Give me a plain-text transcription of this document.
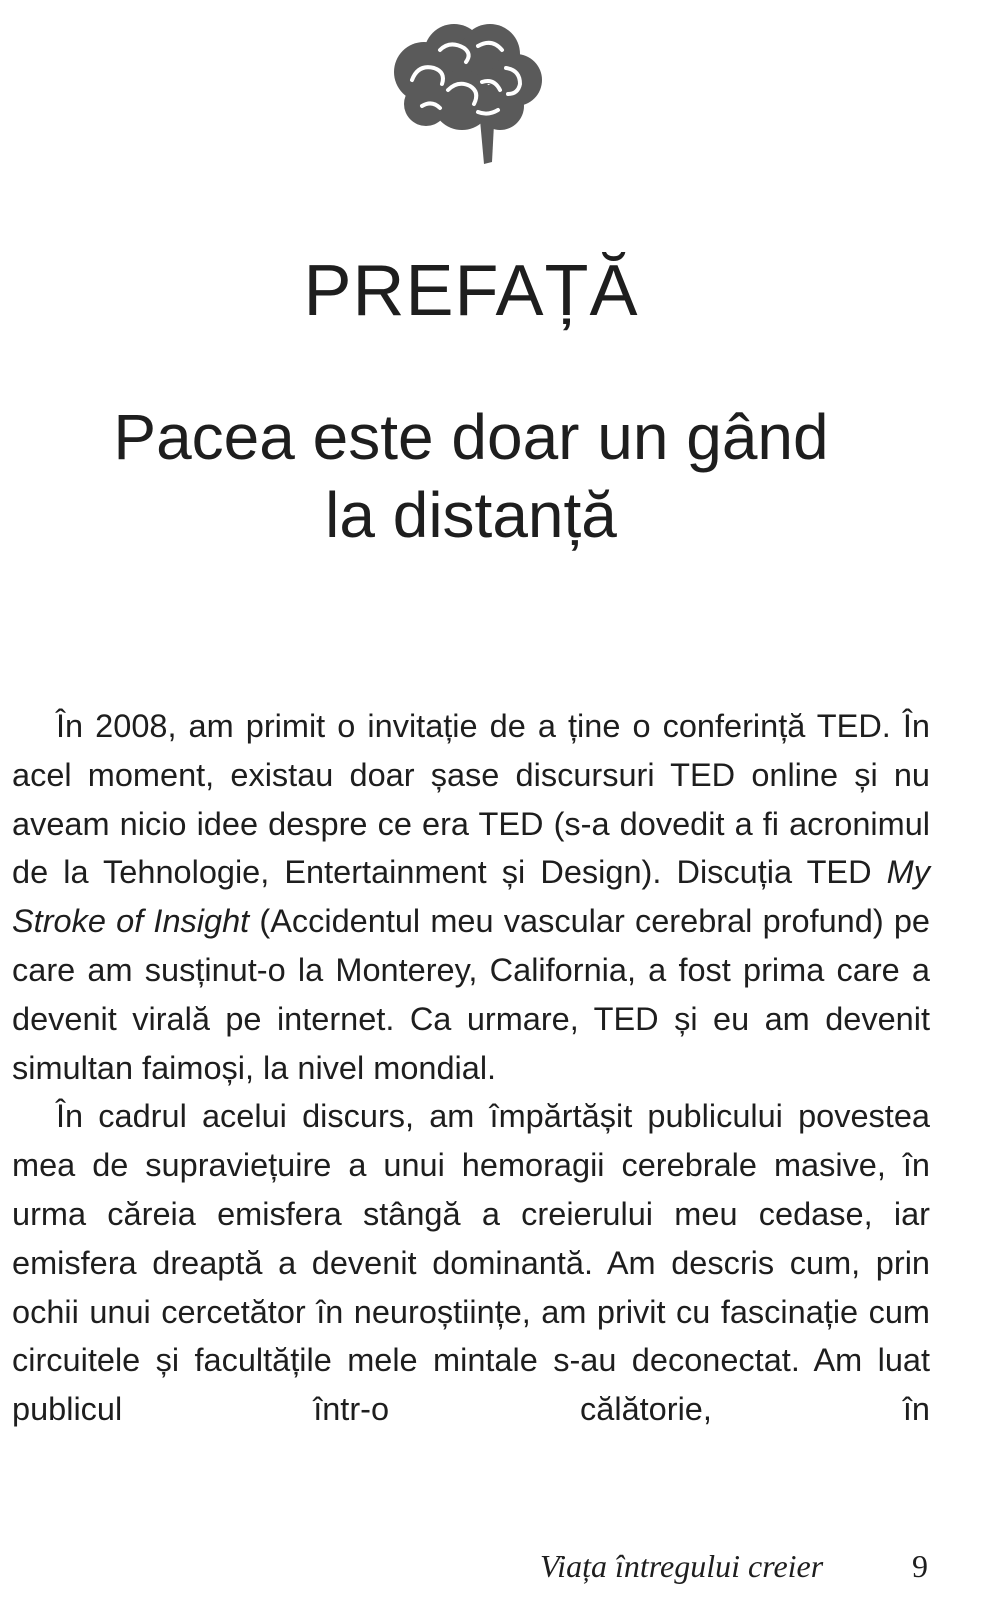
PREFAȚĂ
Pacea este doar un gând
la distanță

În 2008, am primit o invitație de a ține o conferință TED. În acel moment, existau doar șase discursuri TED online și nu aveam nicio idee despre ce era TED (s-a dovedit a fi acronimul de la Tehnologie, Entertainment și Design). Discuția TED My Stroke of Insight (Accidentul meu vascular cerebral profund) pe care am susținut-o la Monterey, California, a fost prima care a devenit virală pe internet. Ca urmare, TED și eu am devenit simultan faimoși, la nivel mondial.

În cadrul acelui discurs, am împărtășit publicului povestea mea de supraviețuire a unui hemoragii cerebrale masive, în urma căreia emisfera stângă a creierului meu cedase, iar emisfera dreaptă a devenit dominantă. Am descris cum, prin ochii unui cercetător în neuroștiințe, am privit cu fascinație cum circuitele și facultățile mele mintale s-au deconectat. Am luat publicul într-o călătorie, în

Viața întregului creier	9
